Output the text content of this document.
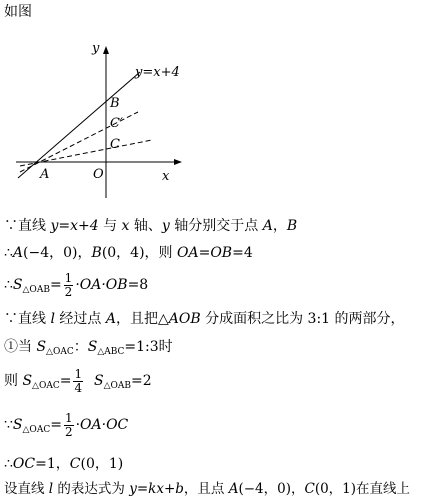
如图
y
x
y=x+4
B
C′
C
A	O
∵直线 y=x+4 与 x 轴、y 轴分别交于点 A，B
∴A(−4，0)，B(0，4)，则 OA=OB=4
$\therefore S_{\triangle OAB}= \frac{1}{2} \cdot OA\cdot OB=8$
∵直线 l 经过点 A，且把△AOB 分成面积之比为 3:1 的两部分，
①当 $S_{\triangle OAC}$：$S_{\triangle ABC}=1:3$时
则 $S_{\triangle OAC}= \frac{1}{4} S_{\triangle OAB}=2$
$\because S_{\triangle OAC}= \frac{1}{2} \cdot OA\cdot OC$
∴OC=1，C(0，1)
设直线 l 的表达式为 y=kx+b，且点 A(−4，0)，C(0，1)在直线上
